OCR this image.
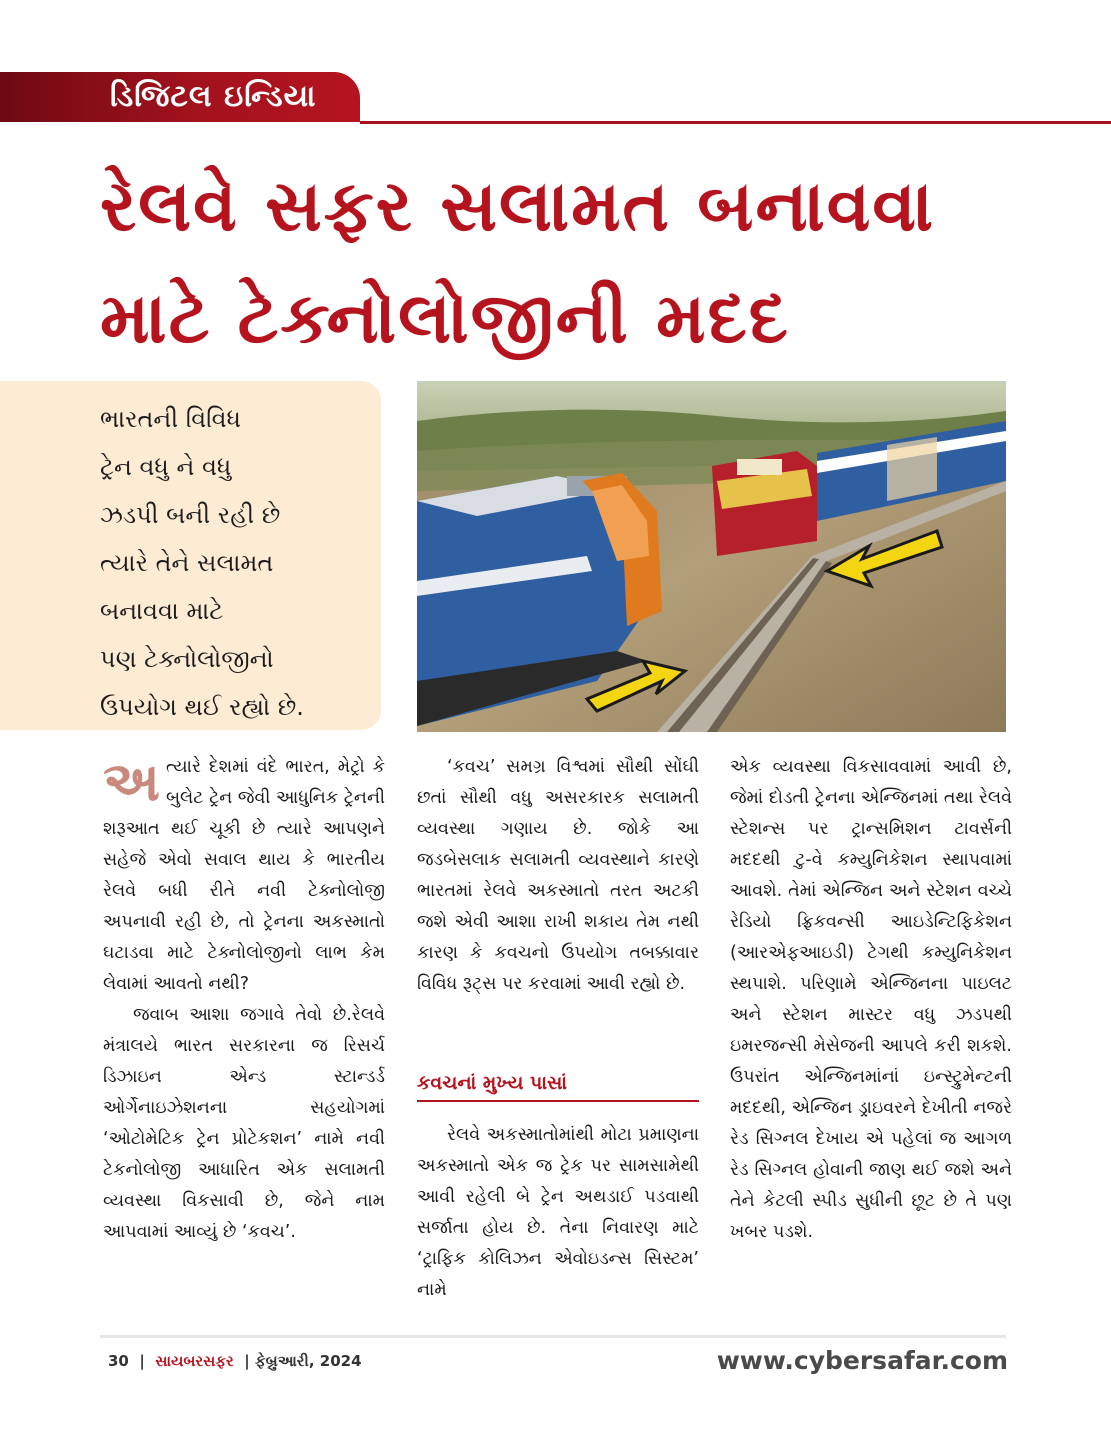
ડિજિટલ ઇન્ડિયા
રેલવે સફર સલામત બનાવવા
માટે ટેક્નોલોજીની મદદ
ભારતની વિવિધ
ટ્રેન વધુ ને વધુ
ઝડપી બની રહી છે
ત્યારે તેને સલામત
બનાવવા માટે
પણ ટેક્નોલોજીનો
ઉપયોગ થઈ રહ્યો છે.

અત્યારે દેશમાં વંદે ભારત, મેટ્રો કે બુલેટ ટ્રેન જેવી આધુનિક ટ્રેનની શરૂઆત થઈ ચૂકી છે ત્યારે આપણને સહેજે એવો સવાલ થાય કે ભારતીય રેલવે બધી રીતે નવી ટેક્નોલોજી અપનાવી રહી છે, તો ટ્રેનના અકસ્માતો ઘટાડવા માટે ટેક્નોલોજીનો લાભ કેમ લેવામાં આવતો નથી?

જવાબ આશા જગાવે તેવો છે.રેલવે મંત્રાલયે ભારત સરકારના જ રિસર્ચ ડિઝાઇન એન્ડ સ્ટાન્ડર્ડ ઓર્ગેનાઇઝેશનના સહયોગમાં ‘ઓટોમેટિક ટ્રેન પ્રોટેકશન’ નામે નવી ટેકનોલોજી આધારિત એક સલામતી વ્યવસ્થા વિકસાવી છે, જેને નામ આપવામાં આવ્યું છે ‘કવચ’.

‘કવચ’ સમગ્ર વિશ્વમાં સૌથી સોંઘી છતાં સૌથી વધુ અસરકારક સલામતી વ્યવસ્થા ગણાય છે. જોકે આ જડબેસલાક સલામતી વ્યવસ્થાને કારણે ભારતમાં રેલવે અકસ્માતો તરત અટકી જશે એવી આશા રાખી શકાય તેમ નથી કારણ કે કવચનો ઉપયોગ તબક્કાવાર વિવિધ રૂટ્સ પર કરવામાં આવી રહ્યો છે.

કવચનાં મુખ્ય પાસાં

રેલવે અકસ્માતોમાંથી મોટા પ્રમાણના અકસ્માતો એક જ ટ્રેક પર સામસામેથી આવી રહેલી બે ટ્રેન અથડાઈ પડવાથી સર્જાતા હોય છે. તેના નિવારણ માટે ‘ટ્રાફિક કોલિઝન એવોઇડન્સ સિસ્ટમ’ નામે

એક વ્યવસ્થા વિકસાવવામાં આવી છે, જેમાં દોડતી ટ્રેનના એન્જિનમાં તથા રેલવે સ્ટેશન્સ પર ટ્રાન્સમિશન ટાવર્સની મદદથી ટુ-વે કમ્યુનિકેશન સ્થાપવામાં આવશે. તેમાં એન્જિન અને સ્ટેશન વચ્ચે રેડિયો ફ્રિકવન્સી આઇડેન્ટિફિકેશન (આરએફઆઇડી) ટેગથી કમ્યુનિકેશન સ્થપાશે. પરિણામે એન્જિનના પાઇલટ અને સ્ટેશન માસ્ટર વધુ ઝડપથી ઇમરજન્સી મેસેજની આપલે કરી શકશે. ઉપરાંત એન્જિનમાંનાં ઇન્સ્ટ્રુમેન્ટની મદદથી, એન્જિન ડ્રાઇવરને દેખીતી નજરે રેડ સિગ્નલ દેખાય એ પહેલાં જ આગળ રેડ સિગ્નલ હોવાની જાણ થઈ જશે અને તેને કેટલી સ્પીડ સુધીની છૂટ છે તે પણ ખબર પડશે.

30 | સાયબરસફર | ફેબ્રુઆરી, 2024	www.cybersafar.com
